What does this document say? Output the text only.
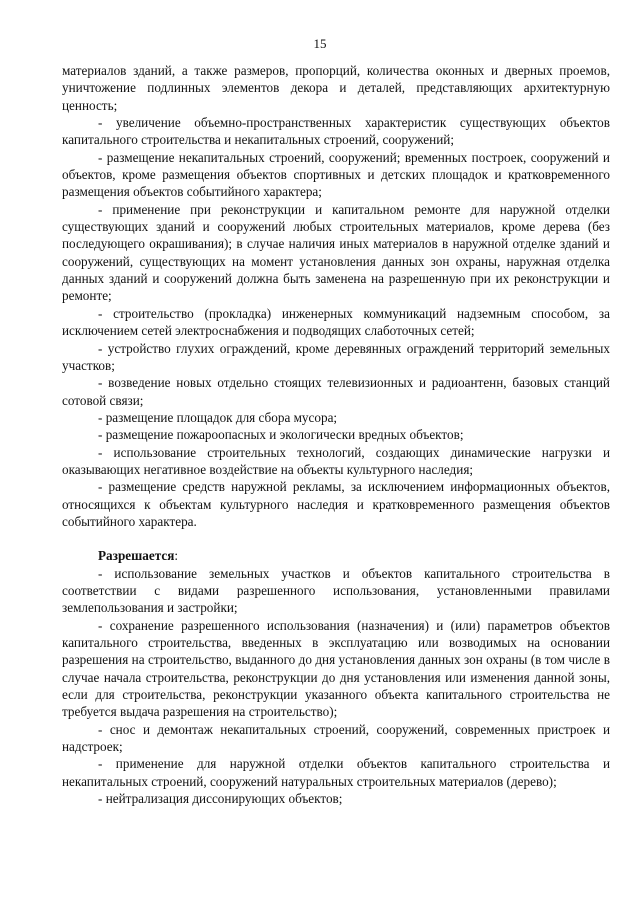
15

материалов зданий, а также размеров, пропорций, количества оконных и дверных проемов, уничтожение подлинных элементов декора и деталей, представляющих архитектурную ценность;

- увеличение объемно-пространственных характеристик существующих объектов капитального строительства и некапитальных строений, сооружений;

- размещение некапитальных строений, сооружений; временных построек, сооружений и объектов, кроме размещения объектов спортивных и детских площадок и кратковременного размещения объектов событийного характера;

- применение при реконструкции и капитальном ремонте для наружной отделки существующих зданий и сооружений любых строительных материалов, кроме дерева (без последующего окрашивания); в случае наличия иных материалов в наружной отделке зданий и сооружений, существующих на момент установления данных зон охраны, наружная отделка данных зданий и сооружений должна быть заменена на разрешенную при их реконструкции и ремонте;

- строительство (прокладка) инженерных коммуникаций надземным способом, за исключением сетей электроснабжения и подводящих слаботочных сетей;

- устройство глухих ограждений, кроме деревянных ограждений территорий земельных участков;

- возведение новых отдельно стоящих телевизионных и радиоантенн, базовых станций сотовой связи;

- размещение площадок для сбора мусора;

- размещение пожароопасных и экологически вредных объектов;

- использование строительных технологий, создающих динамические нагрузки и оказывающих негативное воздействие на объекты культурного наследия;

- размещение средств наружной рекламы, за исключением информационных объектов, относящихся к объектам культурного наследия и кратковременного размещения объектов событийного характера.

Разрешается:

- использование земельных участков и объектов капитального строительства в соответствии с видами разрешенного использования, установленными правилами землепользования и застройки;

- сохранение разрешенного использования (назначения) и (или) параметров объектов капитального строительства, введенных в эксплуатацию или возводимых на основании разрешения на строительство, выданного до дня установления данных зон охраны (в том числе в случае начала строительства, реконструкции до дня установления или изменения данной зоны, если для строительства, реконструкции указанного объекта капитального строительства не требуется выдача разрешения на строительство);

- снос и демонтаж некапитальных строений, сооружений, современных пристроек и надстроек;

- применение для наружной отделки объектов капитального строительства и некапитальных строений, сооружений натуральных строительных материалов (дерево);

- нейтрализация диссонирующих объектов;
